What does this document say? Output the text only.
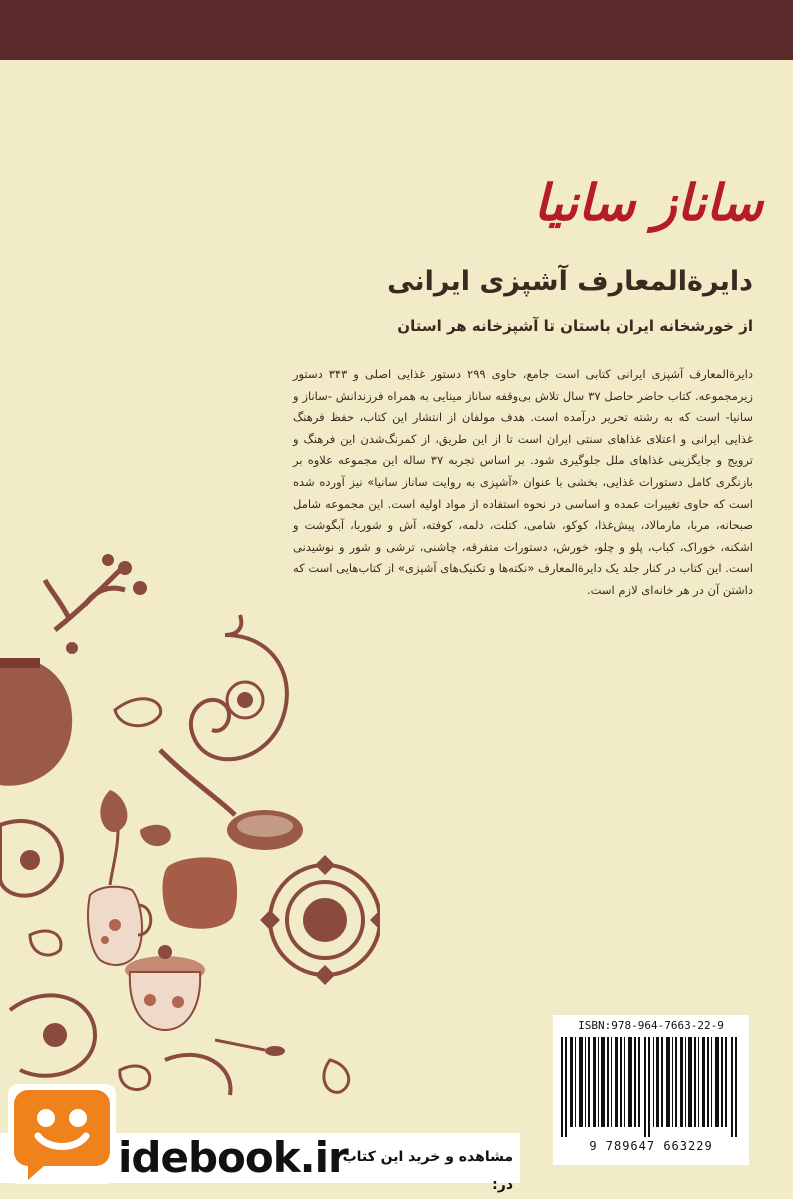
ساناز سانیا
دایرةالمعارف آشپزی ایرانی
از خورشخانه ایران باستان تا آشپزخانه هر استان
دایرةالمعارف آشپزی ایرانی کتابی است جامع، حاوی ۲۹۹ دستور غذایی اصلی و ۳۴۳ دستور زیرمجموعه. کتاب حاضر حاصل ۳۷ سال تلاش بی‌وقفه ساناز مینایی به همراه فرزندانش -ساناز و سانیا- است که به رشته تحریر درآمده است. هدف مولفان از انتشار این کتاب، حفظ فرهنگ غذایی ایرانی و اعتلای غذاهای سنتی ایران است تا از این طریق، از کمرنگ‌شدن این فرهنگ و ترویج و جایگزینی غذاهای ملل جلوگیری شود. بر اساس تجربه ۳۷ ساله این مجموعه علاوه بر بازنگری کامل دستورات غذایی، بخشی با عنوان «آشپزی به روایت ساناز سانیا» نیز آورده شده است که حاوی تغییرات عمده و اساسی در نحوه استفاده از مواد اولیه است. این مجموعه شامل صبحانه، مربا، مارمالاد، پیش‌غذا، کوکو، شامی، کتلت، دلمه، کوفته، آش و شوربا، آبگوشت و اشکنه، خوراک، کباب، پلو و چلو، خورش، دستورات متفرقه، چاشنی، ترشی و شور و نوشیدنی است. این کتاب در کنار جلد یک دایرةالمعارف «نکته‌ها و تکنیک‌های آشپزی» از کتاب‌هایی است که داشتن آن در هر خانه‌ای لازم است.
ISBN:978-964-7663-22-9
9 789647 663229
idebook.ir
مشاهده و خرید این کتاب در:
